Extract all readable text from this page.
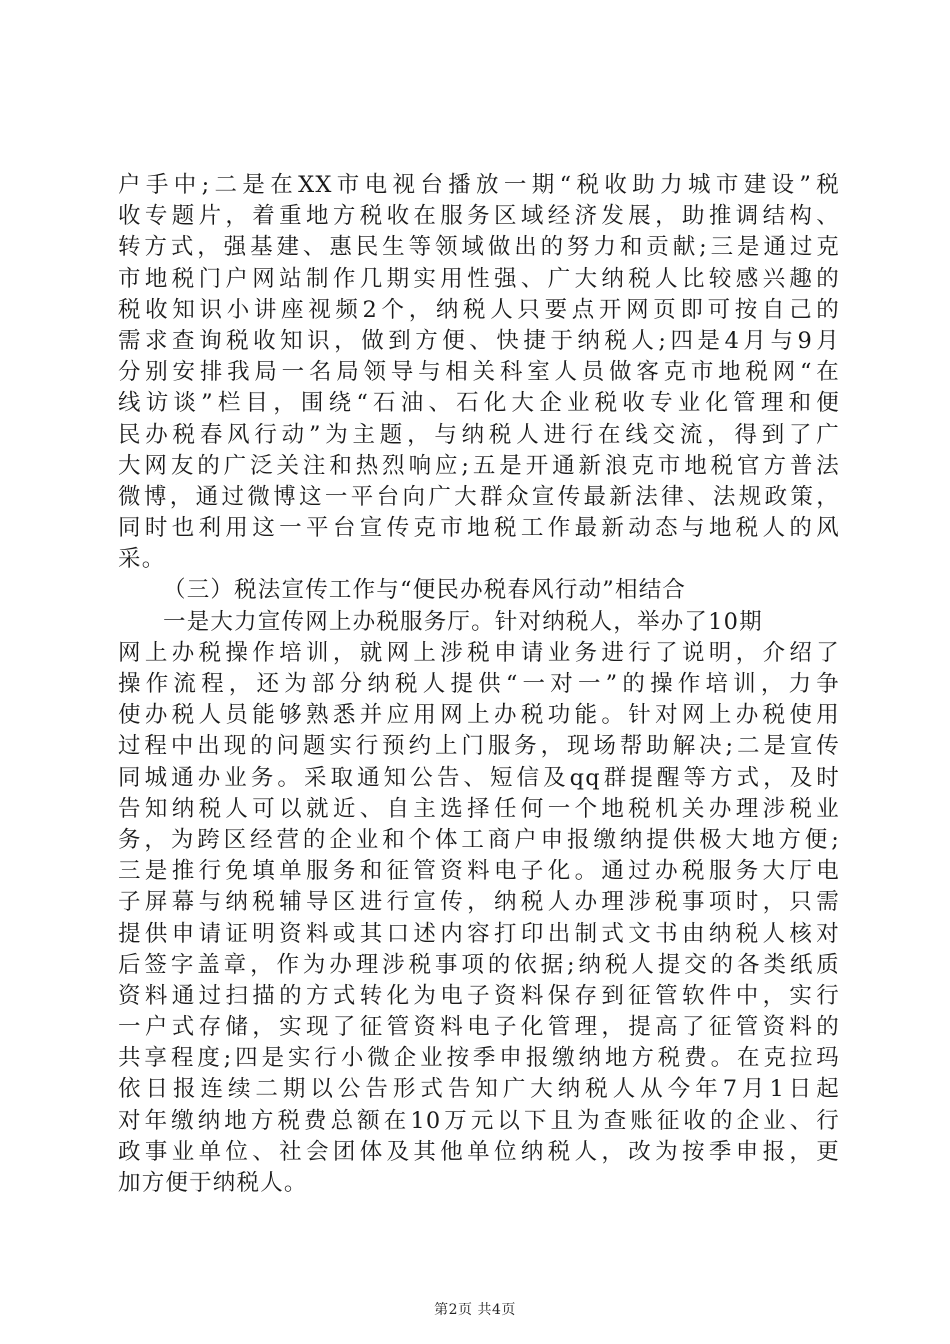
户手中;二是在XX市电视台播放一期“税收助力城市建设”税
收专题片，着重地方税收在服务区域经济发展，助推调结构、
转方式，强基建、惠民生等领域做出的努力和贡献;三是通过克
市地税门户网站制作几期实用性强、广大纳税人比较感兴趣的
税收知识小讲座视频2个，纳税人只要点开网页即可按自己的
需求查询税收知识，做到方便、快捷于纳税人;四是4月与9月
分别安排我局一名局领导与相关科室人员做客克市地税网“在
线访谈”栏目，围绕“石油、石化大企业税收专业化管理和便
民办税春风行动”为主题，与纳税人进行在线交流，得到了广
大网友的广泛关注和热烈响应;五是开通新浪克市地税官方普法
微博，通过微博这一平台向广大群众宣传最新法律、法规政策，
同时也利用这一平台宣传克市地税工作最新动态与地税人的风
采。
（三）税法宣传工作与“便民办税春风行动”相结合
一是大力宣传网上办税服务厅。针对纳税人，举办了10期
网上办税操作培训，就网上涉税申请业务进行了说明，介绍了
操作流程，还为部分纳税人提供“一对一”的操作培训，力争
使办税人员能够熟悉并应用网上办税功能。针对网上办税使用
过程中出现的问题实行预约上门服务，现场帮助解决;二是宣传
同城通办业务。采取通知公告、短信及qq群提醒等方式，及时
告知纳税人可以就近、自主选择任何一个地税机关办理涉税业
务，为跨区经营的企业和个体工商户申报缴纳提供极大地方便;
三是推行免填单服务和征管资料电子化。通过办税服务大厅电
子屏幕与纳税辅导区进行宣传，纳税人办理涉税事项时，只需
提供申请证明资料或其口述内容打印出制式文书由纳税人核对
后签字盖章，作为办理涉税事项的依据;纳税人提交的各类纸质
资料通过扫描的方式转化为电子资料保存到征管软件中，实行
一户式存储，实现了征管资料电子化管理，提高了征管资料的
共享程度;四是实行小微企业按季申报缴纳地方税费。在克拉玛
依日报连续二期以公告形式告知广大纳税人从今年7月1日起
对年缴纳地方税费总额在10万元以下且为查账征收的企业、行
政事业单位、社会团体及其他单位纳税人，改为按季申报，更
加方便于纳税人。
第2页 共4页
